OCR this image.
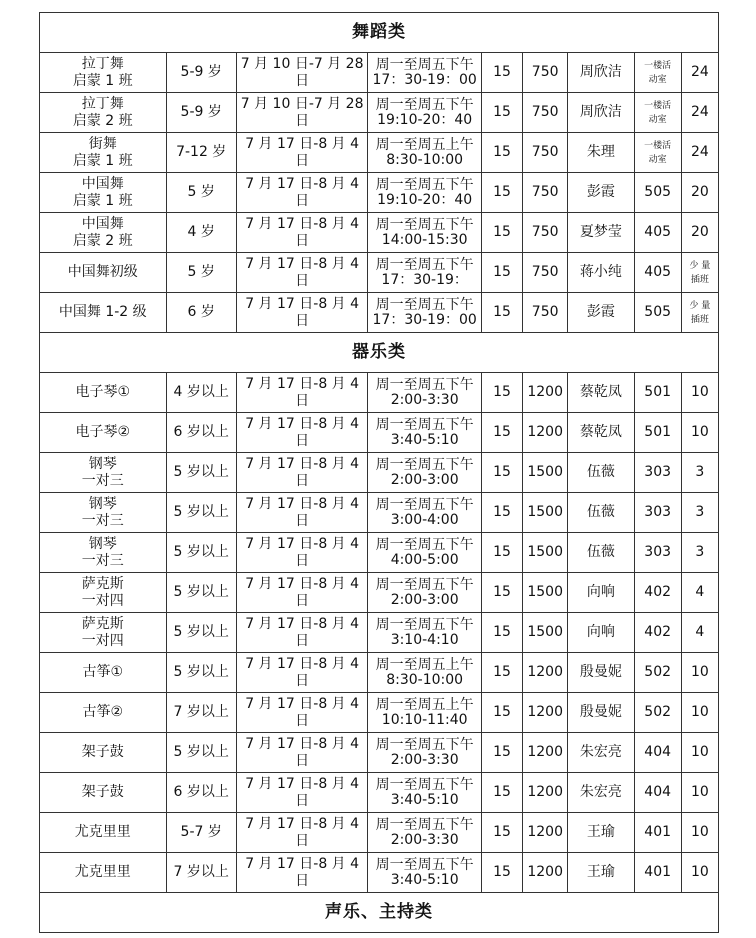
舞蹈类								

拉丁舞
启蒙 1 班	5-9 岁	7 月 10 日-7 月 28 日	周一至周五下午
17：30-19：00	15	750	周欣洁	一楼活
动室	24

拉丁舞
启蒙 2 班	5-9 岁	7 月 10 日-7 月 28 日	周一至周五下午
19:10-20：40	15	750	周欣洁	一楼活
动室	24

街舞
启蒙 1 班	7-12 岁	7 月 17 日-8 月 4 日	周一至周五上午
8:30-10:00	15	750	朱理	一楼活
动室	24

中国舞
启蒙 1 班	5 岁	7 月 17 日-8 月 4 日	周一至周五下午
19:10-20：40	15	750	彭霞	505	20

中国舞
启蒙 2 班	4 岁	7 月 17 日-8 月 4 日	周一至周五下午
14:00-15:30	15	750	夏梦莹	405	20

中国舞初级	5 岁	7 月 17 日-8 月 4 日	周一至周五下午
17：30-19：	15	750	蒋小纯	405	少 量
插班

中国舞 1-2 级	6 岁	7 月 17 日-8 月 4 日	周一至周五下午
17：30-19：00	15	750	彭霞	505	少 量
插班

器乐类								

电子琴①	4 岁以上	7 月 17 日-8 月 4 日	周一至周五下午
2:00-3:30	15	1200	蔡乾凤	501	10

电子琴②	6 岁以上	7 月 17 日-8 月 4 日	周一至周五下午
3:40-5:10	15	1200	蔡乾凤	501	10

钢琴
一对三	5 岁以上	7 月 17 日-8 月 4 日	周一至周五下午
2:00-3:00	15	1500	伍薇	303	3

钢琴
一对三	5 岁以上	7 月 17 日-8 月 4 日	周一至周五下午
3:00-4:00	15	1500	伍薇	303	3

钢琴
一对三	5 岁以上	7 月 17 日-8 月 4 日	周一至周五下午
4:00-5:00	15	1500	伍薇	303	3

萨克斯
一对四	5 岁以上	7 月 17 日-8 月 4 日	周一至周五下午
2:00-3:00	15	1500	向响	402	4

萨克斯
一对四	5 岁以上	7 月 17 日-8 月 4 日	周一至周五下午
3:10-4:10	15	1500	向响	402	4

古筝①	5 岁以上	7 月 17 日-8 月 4 日	周一至周五上午
8:30-10:00	15	1200	殷曼妮	502	10

古筝②	7 岁以上	7 月 17 日-8 月 4 日	周一至周五上午
10:10-11:40	15	1200	殷曼妮	502	10

架子鼓	5 岁以上	7 月 17 日-8 月 4 日	周一至周五下午
2:00-3:30	15	1200	朱宏亮	404	10

架子鼓	6 岁以上	7 月 17 日-8 月 4 日	周一至周五下午
3:40-5:10	15	1200	朱宏亮	404	10

尤克里里	5-7 岁	7 月 17 日-8 月 4 日	周一至周五下午
2:00-3:30	15	1200	王瑜	401	10

尤克里里	7 岁以上	7 月 17 日-8 月 4 日	周一至周五下午
3:40-5:10	15	1200	王瑜	401	10

声乐、主持类								
